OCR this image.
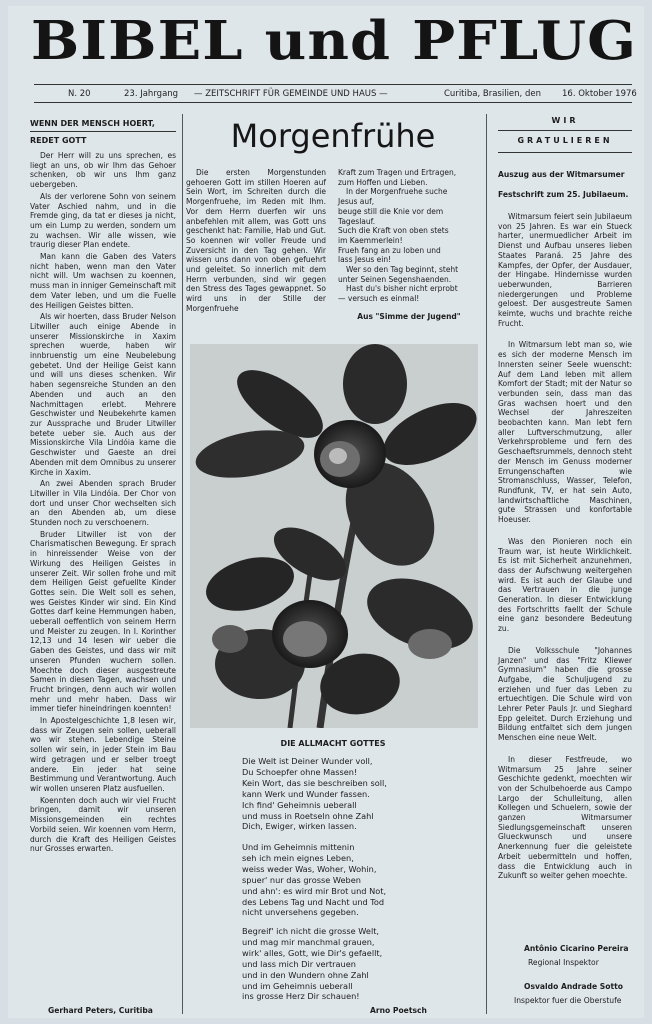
BIBEL und PFLUG
N. 20	23. Jahrgang — ZEITSCHRIFT FÜR GEMEINDE UND HAUS —	Curitiba, Brasilien, den 16. Oktober 1976
WENN DER MENSCH HOERT,
REDET GOTT

Der Herr will zu uns sprechen, es liegt an uns, ob wir Ihm das Gehoer schenken, ob wir uns Ihm ganz uebergeben.

Als der verlorene Sohn von seinem Vater Aschied nahm, und in die Fremde ging, da tat er dieses ja nicht, um ein Lump zu werden, sondern um zu wachsen. Wir alle wissen, wie traurig dieser Plan endete.

Man kann die Gaben des Vaters nicht haben, wenn man den Vater nicht will. Um wachsen zu koennen, muss man in inniger Gemeinschaft mit dem Vater leben, und um die Fuelle des Heiligen Geistes bitten.

Als wir hoerten, dass Bruder Nelson Litwiller auch einige Abende in unserer Missionskirche in Xaxim sprechen wuerde, haben wir innbruenstig um eine Neubelebung gebetet. Und der Heilige Geist kann und will uns dieses schenken. Wir haben segensreiche Stunden an den Abenden und auch an den Nachmittagen erlebt. Mehrere Geschwister und Neubekehrte kamen zur Aussprache und Bruder Litwiller betete ueber sie. Auch aus der Missionskirche Vila Lindóia kame die Geschwister und Gaeste an drei Abenden mit dem Omnibus zu unserer Kirche in Xaxim.

An zwei Abenden sprach Bruder Litwiller in Vila Lindóia. Der Chor von dort und unser Chor wechselten sich an den Abenden ab, um diese Stunden noch zu verschoenern.

Bruder Litwiller ist von der Charismatischen Bewegung. Er sprach in hinreissender Weise von der Wirkung des Heiligen Geistes in unserer Zeit. Wir sollen frohe und mit dem Heiligen Geist gefuellte Kinder Gottes sein. Die Welt soll es sehen, wes Geistes Kinder wir sind. Ein Kind Gottes darf keine Hemmungen haben, ueberall oeffentlich von seinem Herrn und Meister zu zeugen. In I. Korinther 12,13 und 14 lesen wir ueber die Gaben des Geistes, und dass wir mit unseren Pfunden wuchern sollen. Moechte doch dieser ausgestreute Samen in diesen Tagen, wachsen und Frucht bringen, denn auch wir wollen mehr und mehr haben. Dass wir immer tiefer hineindringen koennten!

In Apostelgeschichte 1,8 lesen wir, dass wir Zeugen sein sollen, ueberall wo wir stehen. Lebendige Steine sollen wir sein, in jeder Stein im Bau wird getragen und er selber troegt andere. Ein jeder hat seine Bestimmung und Verantwortung. Auch wir wollen unseren Platz ausfuellen.

Koennten doch auch wir viel Frucht bringen, damit wir unseren Missionsgemeinden ein rechtes Vorbild seien. Wir koennen vom Herrn, durch die Kraft des Heiligen Geistes nur Grosses erwarten.

Gerhard Peters, Curitiba
Morgenfrühe

Die ersten Morgenstunden gehoeren Gott im stillen Hoeren auf Sein Wort, im Schreiten durch die Morgenfruehe, im Reden mit Ihm. Vor dem Herrn duerfen wir uns anbefehlen mit allem, was Gott uns geschenkt hat: Familie, Hab und Gut. So koennen wir voller Freude und Zuversicht in den Tag gehen. Wir wissen uns dann von oben gefuehrt und geleitet. So innerlich mit dem Herrn verbunden, sind wir gegen den Stress des Tages gewappnet. So wird uns in der Stille der Morgenfruehe

Kraft zum Tragen und Ertragen,
zum Hoffen und Lieben.
In der Morgenfruehe suche
Jesus auf,
beuge still die Knie vor dem
Tageslauf.
Such die Kraft von oben stets
im Kaemmerlein!
Frueh fang an zu loben und
lass Jesus ein!
Wer so den Tag beginnt, steht
unter Seinen Segenshaenden.
Hast du's bisher nicht erprobt
— versuch es einmal!
Aus "Simme der Jugend"
DIE ALLMACHT GOTTES
Die Welt ist Deiner Wunder voll,
Du Schoepfer ohne Massen!
Kein Wort, das sie beschreiben soll,
kann Werk und Wunder fassen.
Ich find' Geheimnis ueberall
und muss in Roetseln ohne Zahl
Dich, Ewiger, wirken lassen.
Und im Geheimnis mittenin
seh ich mein eignes Leben,
weiss weder Was, Woher, Wohin,
spuer' nur das grosse Weben
und ahn': es wird mir Brot und Not,
des Lebens Tag und Nacht und Tod
nicht unversehens gegeben.
Begreif' ich nicht die grosse Welt,
und mag mir manchmal grauen,
wirk' alles, Gott, wie Dir's gefaellt,
und lass mich Dir vertrauen
und in den Wundern ohne Zahl
und im Geheimnis ueberall
ins grosse Herz Dir schauen!
Arno Poetsch
WIR
GRATULIEREN
Auszug aus der Witmarsumer
Festschrift zum 25. Jubilaeum.

Witmarsum feiert sein Jubilaeum von 25 Jahren. Es war ein Stueck harter, unermuedlicher Arbeit im Dienst und Aufbau unseres lieben Staates Paraná. 25 Jahre des Kampfes, der Opfer, der Ausdauer, der Hingabe. Hindernisse wurden ueberwunden, Barrieren niedergerungen und Probleme geloest. Der ausgestreute Samen keimte, wuchs und brachte reiche Frucht.

In Witmarsum lebt man so, wie es sich der moderne Mensch im Innersten seiner Seele wuenscht: Auf dem Land leben mit allem Komfort der Stadt; mit der Natur so verbunden sein, dass man das Gras wachsen hoert und den Wechsel der Jahreszeiten beobachten kann. Man lebt fern aller Luftverschmutzung, aller Verkehrsprobleme und fern des Geschaeftsrummels, dennoch steht der Mensch im Genuss moderner Errungenschaften wie Stromanschluss, Wasser, Telefon, Rundfunk, TV, er hat sein Auto, landwirtschaftliche Maschinen, gute Strassen und konfortable Hoeuser.

Was den Pionieren noch ein Traum war, ist heute Wirklichkeit. Es ist mit Sicherheit anzunehmen, dass der Aufschwung weitergehen wird. Es ist auch der Glaube und das Vertrauen in die junge Generation. In dieser Entwicklung des Fortschritts faellt der Schule eine ganz besondere Bedeutung zu.

Die Volksschule "Johannes Janzen" und das "Fritz Kliewer Gymnasium" haben die grosse Aufgabe, die Schuljugend zu erziehen und fuer das Leben zu ertuechtigen. Die Schule wird von Lehrer Peter Pauls Jr. und Sieghard Epp geleitet. Durch Erziehung und Bildung entfaltet sich dem jungen Menschen eine neue Welt.

In dieser Festfreude, wo Witmarsum 25 Jahre seiner Geschichte gedenkt, moechten wir von der Schulbehoerde aus Campo Largo der Schulleitung, allen Kollegen und Schuelern, sowie der ganzen Witmarsumer Siedlungsgemeinschaft unseren Glueckwunsch und unsere Anerkennung fuer die geleistete Arbeit uebermitteln und hoffen, dass die Entwicklung auch in Zukunft so weiter gehen moechte.

Antônio Cicarino Pereira
Regional Inspektor
Osvaldo Andrade Sotto
Inspektor fuer die Oberstufe
